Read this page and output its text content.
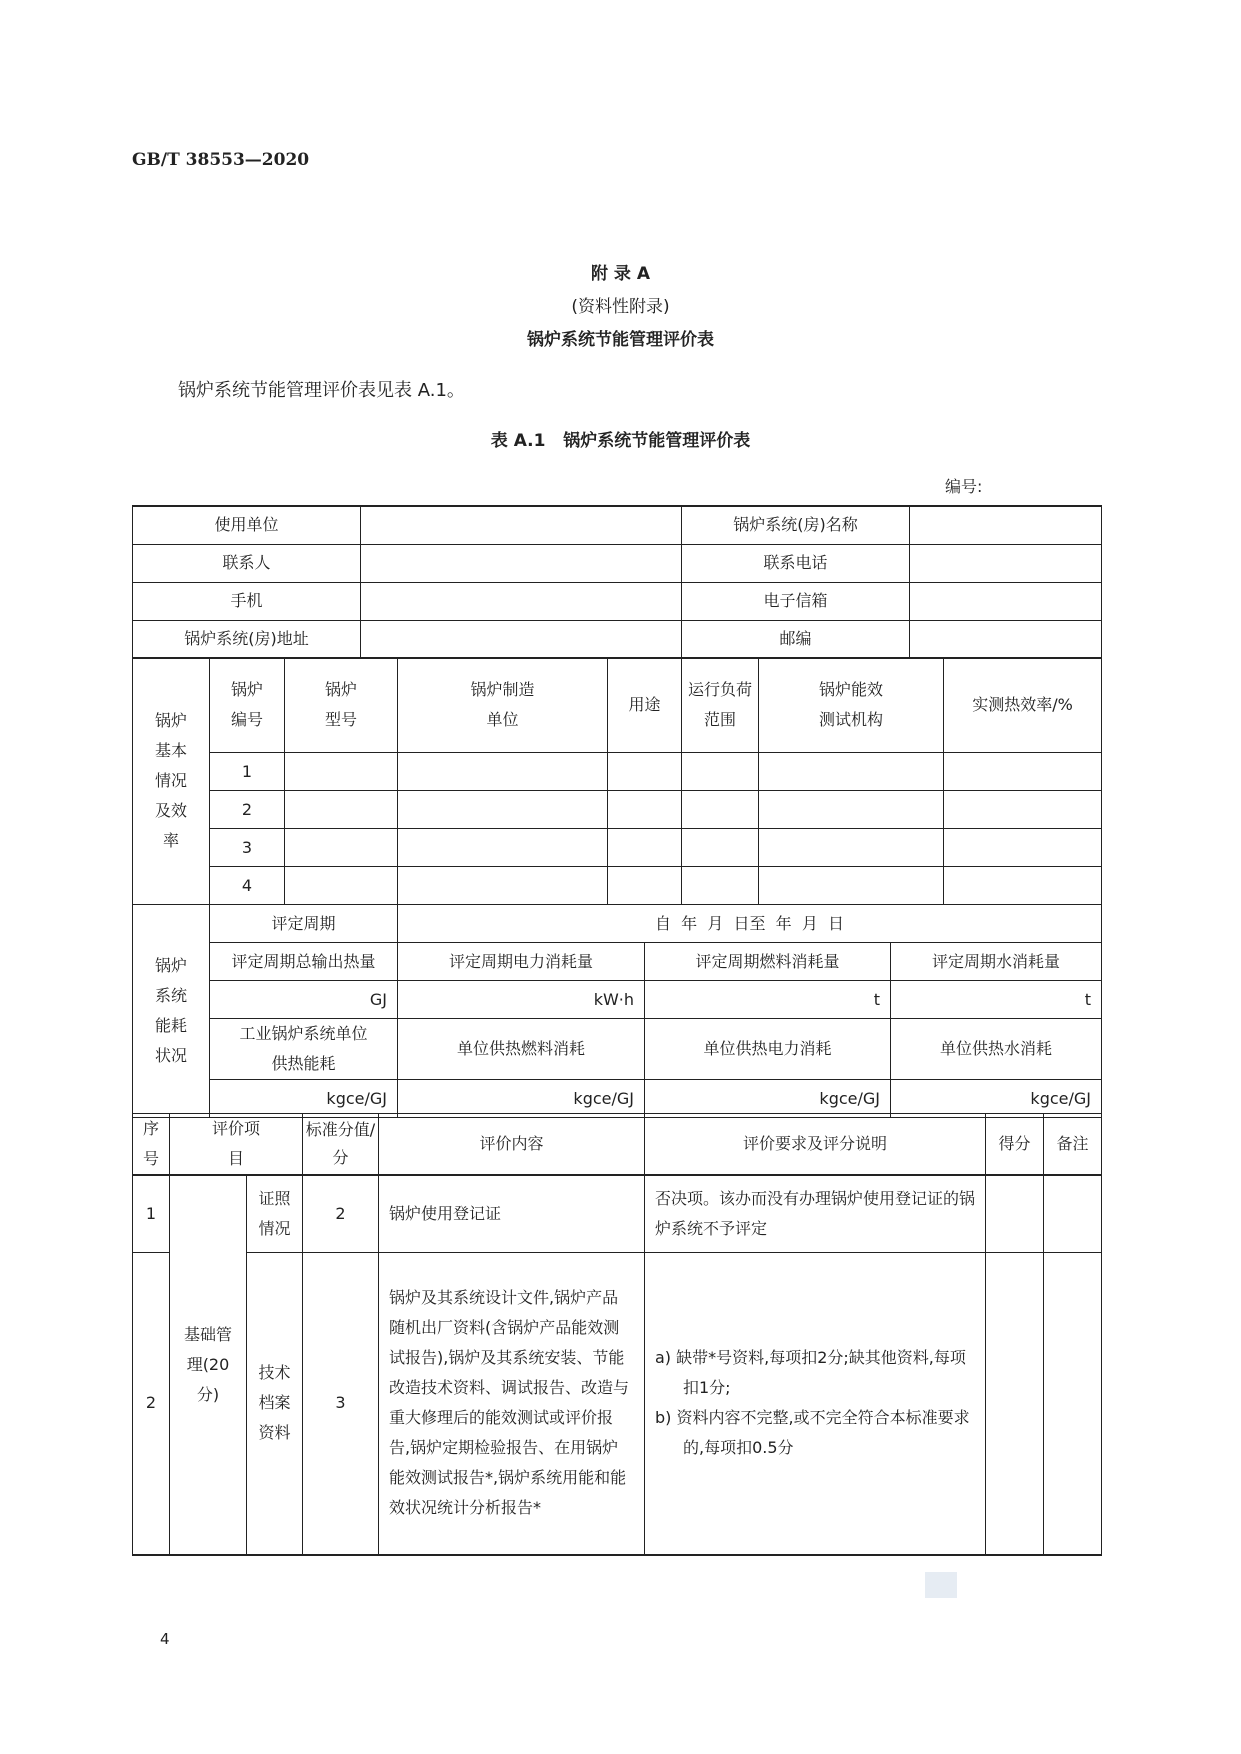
GB/T 38553—2020
附 录 A
(资料性附录)
锅炉系统节能管理评价表
锅炉系统节能管理评价表见表 A.1。
表 A.1   锅炉系统节能管理评价表
编号:
使用单位		锅炉系统(房)名称	
联系人		联系电话	
手机		电子信箱	
锅炉系统(房)地址		邮编	
锅炉基本情况及效率	锅炉编号	锅炉型号	锅炉制造单位	用途	运行负荷范围	锅炉能效测试机构	实测热效率/%
	1						
	2						
	3						
	4						
锅炉系统能耗状况	评定周期	自  年  月  日至  年  月  日		
	评定周期总输出热量	评定周期电力消耗量	评定周期燃料消耗量	评定周期水消耗量
	GJ	kW·h	t	t
	工业锅炉系统单位供热能耗	单位供热燃料消耗	单位供热电力消耗	单位供热水消耗
	kgce/GJ	kgce/GJ	kgce/GJ	kgce/GJ
序号	评价项目		标准分值/分	评价内容	评价要求及评分说明	得分	备注
1	基础管理(20分)	证照情况	2	锅炉使用登记证	否决项。该办而没有办理锅炉使用登记证的锅炉系统不予评定		
2		技术档案资料	3	锅炉及其系统设计文件,锅炉产品随机出厂资料(含锅炉产品能效测试报告),锅炉及其系统安装、节能改造技术资料、调试报告、改造与重大修理后的能效测试或评价报告,锅炉定期检验报告、在用锅炉能效测试报告*,锅炉系统用能和能效状况统计分析报告*	a) 缺带*号资料,每项扣2分;缺其他资料,每项扣1分;
b) 资料内容不完整,或不完全符合本标准要求的,每项扣0.5分		

4
